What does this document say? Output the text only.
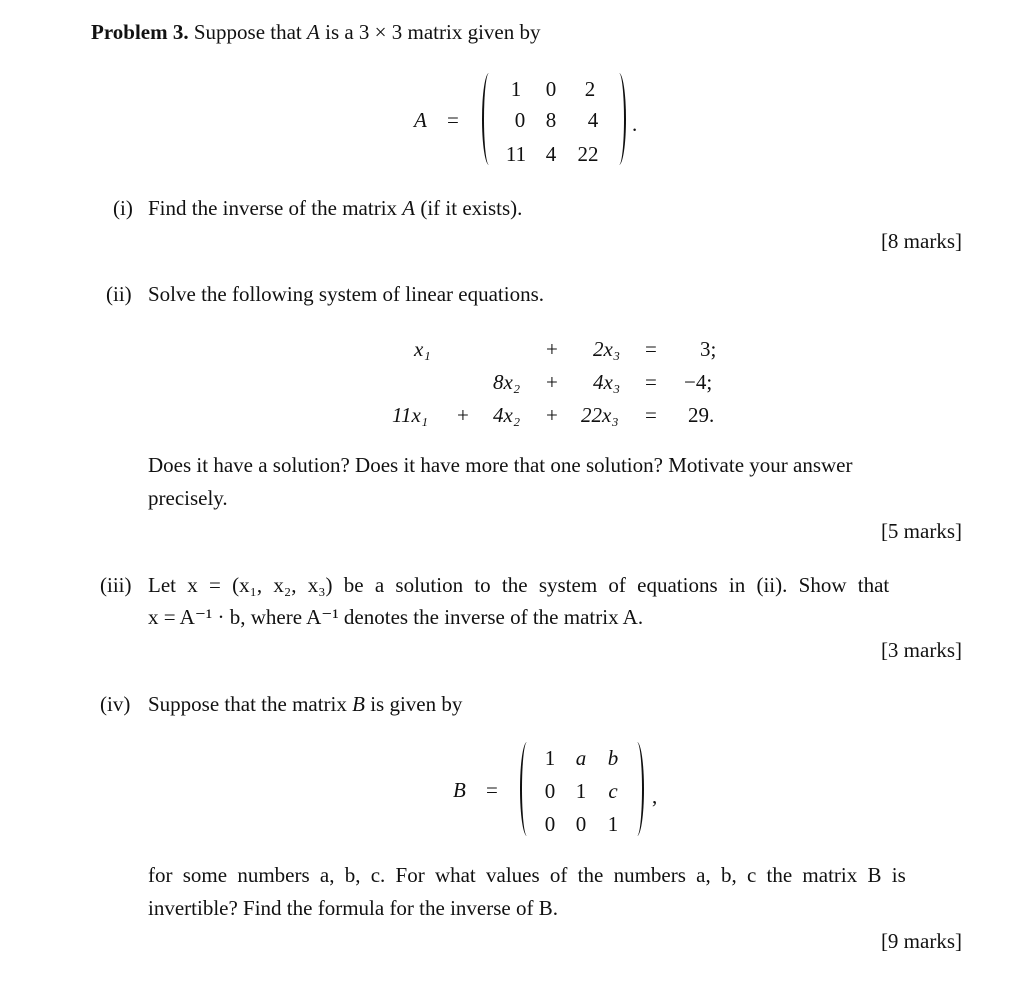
Problem 3. Suppose that A is a 3 × 3 matrix given by
A =
1	0	2
0 8	4
11 4	22
.
(i) Find the inverse of the matrix A (if it exists).
[8 marks]
(ii) Solve the following system of linear equations.
x₁	+ 2x₃ = 3;
8x₂ + 4x₃ = −4;
11x₁ + 4x₂ + 22x₃ = 29.
Does it have a solution? Does it have more that one solution? Motivate your answer
precisely.
[5 marks]
(iii) Let x = (x₁, x₂, x₃) be a solution to the system of equations in (ii). Show that
x = A⁻¹ · b, where A⁻¹ denotes the inverse of the matrix A.
[3 marks]
(iv) Suppose that the matrix B is given by
B =
1 a	b
0 1	c
0 0	1
,
for some numbers a, b, c. For what values of the numbers a, b, c the matrix B is
invertible? Find the formula for the inverse of B.
[9 marks]
